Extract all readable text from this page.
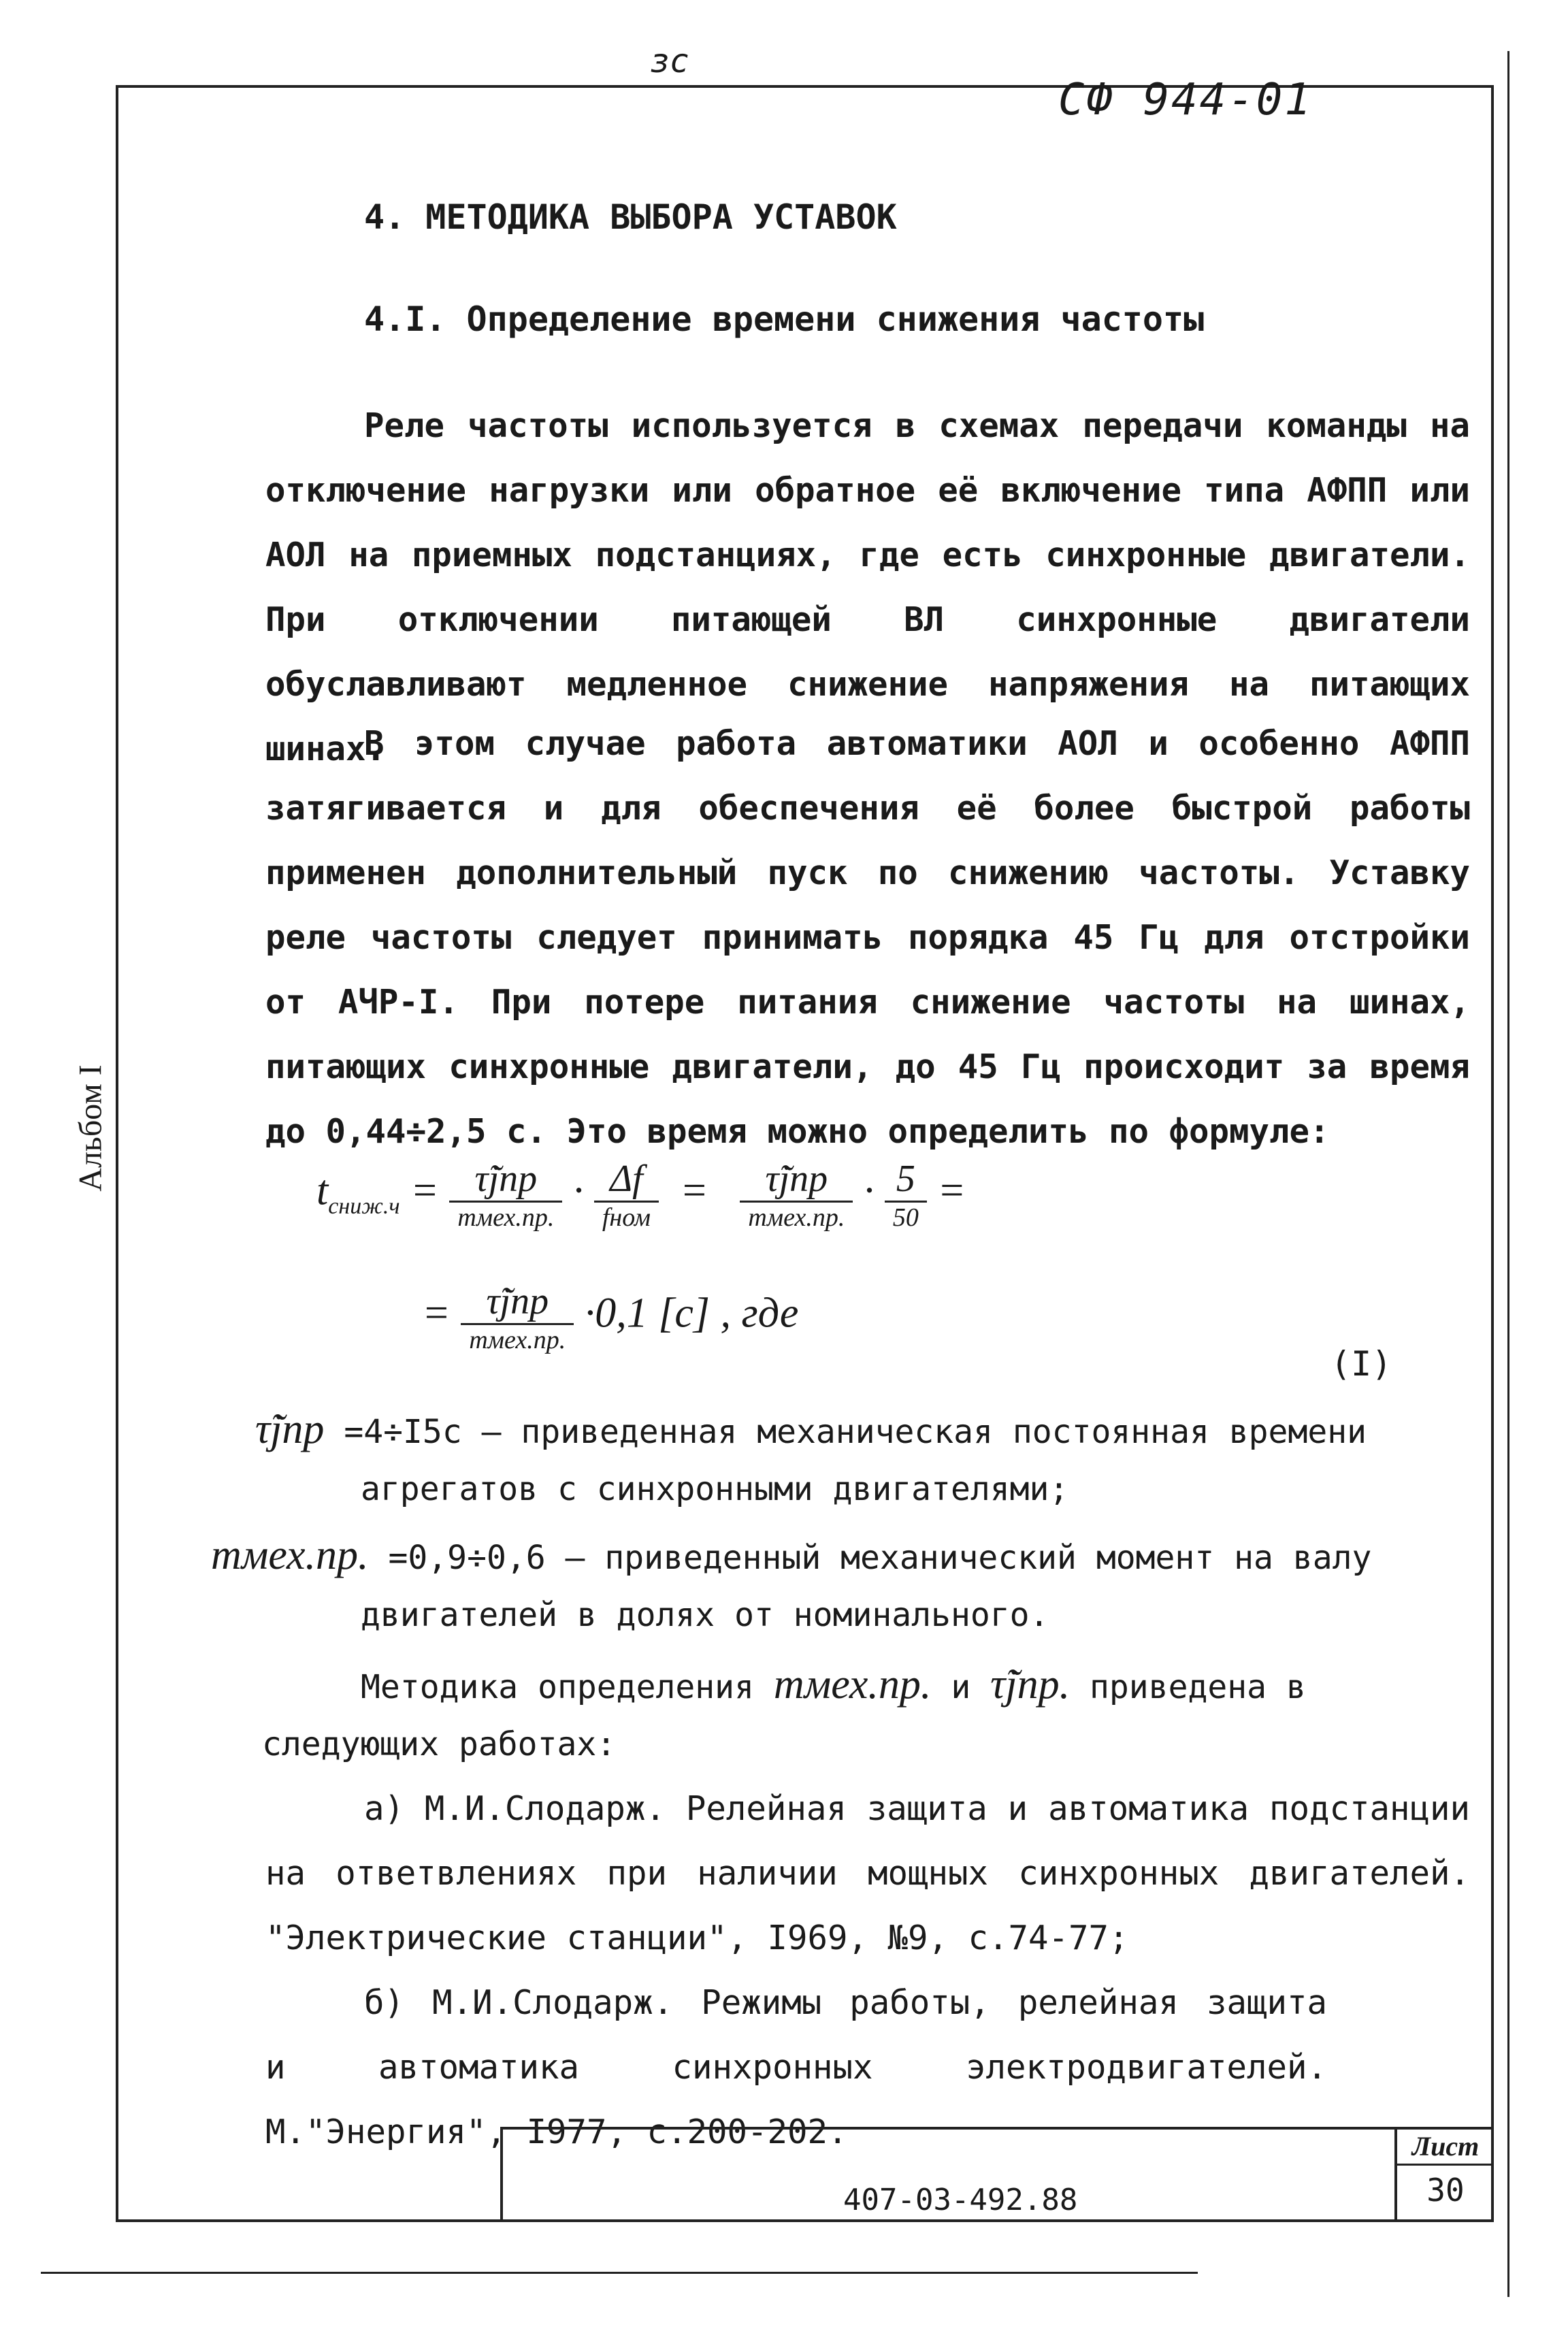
зс
СФ 944-01
Альбом I
4. МЕТОДИКА ВЫБОРА УСТАВОК
4.I. Определение времени снижения частоты

Реле частоты используется в схемах передачи команды на отключение нагрузки или обратное её включение типа АФПП или АОЛ на приемных подстанциях, где есть синхронные двигатели. При отключении питающей ВЛ синхронные двигатели обуславливают медленное снижение напряжения на питающих шинах.

В этом случае работа автоматики АОЛ и особенно АФПП затягивается и для обеспечения её более быстрой работы применен дополнительный пуск по снижению частоты. Уставку реле частоты следует принимать порядка 45 Гц для отстройки от АЧР-I. При потере питания снижение частоты на шинах, питающих синхронные двигатели, до 45 Гц происходит за время до 0,44÷2,5 с. Это время можно определить по формуле:

$t_{сниж.ч} = \frac{\text{τ̃jпр}}{\text{mмех.пр.}} \cdot \frac{\Delta f}{\text{fном}} = \frac{\text{τ̃jпр}}{\text{mмех.пр.}} \cdot \frac{5}{50}$ =
= $\frac{\text{τ̃jпр}}{\text{mмех.пр.}} \cdot 0,1$ [с] , где
(I)
τ̃jпр =4÷I5с – приведенная механическая постоянная времени
агрегатов с синхронными двигателями;
mмех.пр. =0,9÷0,6 – приведенный механический момент на валу
двигателей в долях от номинального.
Методика определения mмех.пр. и τ̃jпр. приведена в
следующих работах:

а) М.И.Слодарж. Релейная защита и автоматика подстанции на ответвлениях при наличии мощных синхронных двигателей. "Электрические станции", I969, №9, с.74-77;

б) М.И.Слодарж. Режимы работы, релейная защита и автоматика синхронных электродвигателей. М."Энергия", I977, с.200-202.

407-03-492.88
Лист
30
